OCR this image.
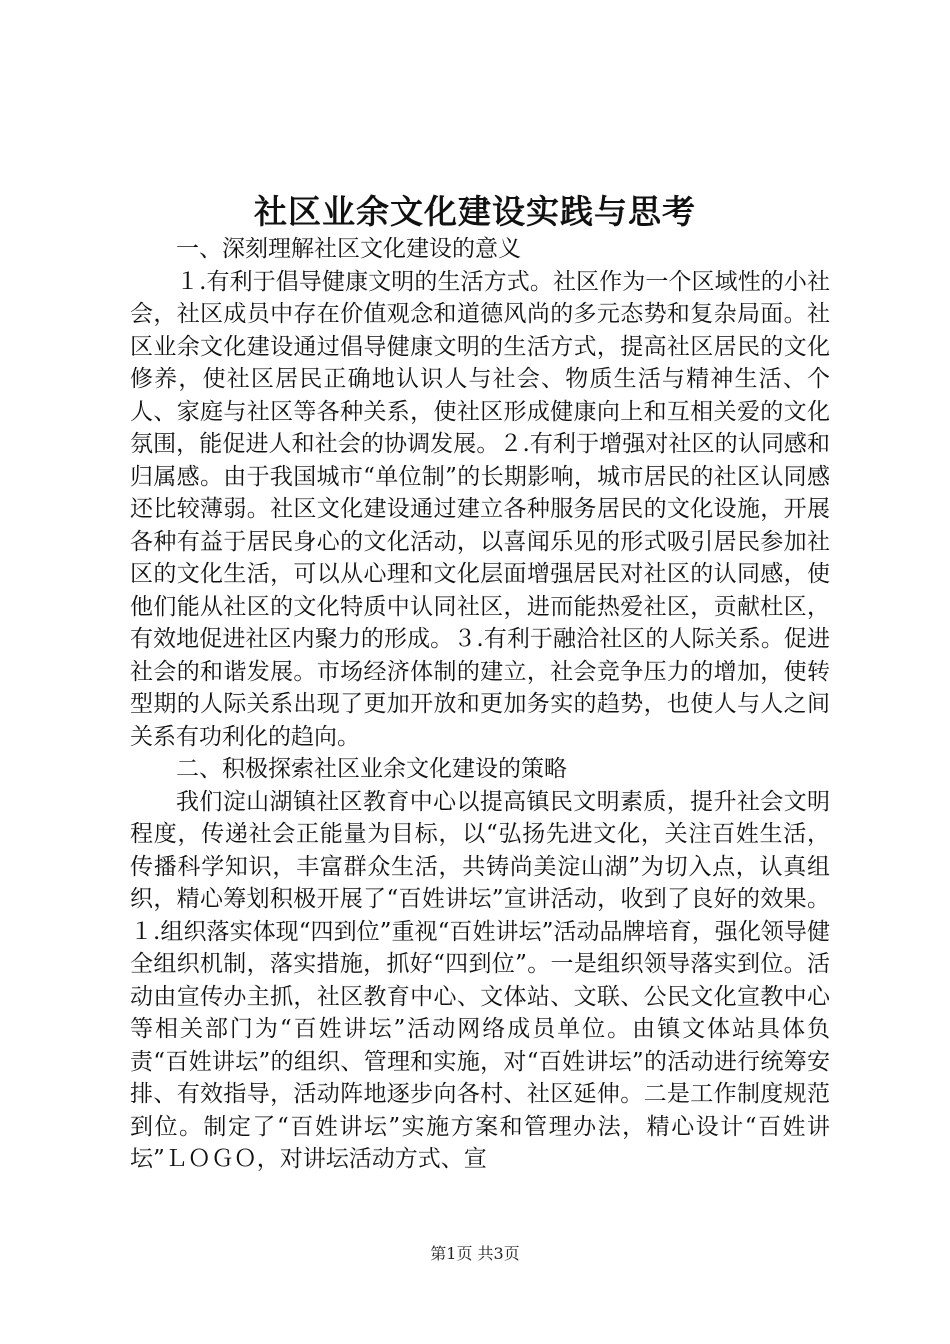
社区业余文化建设实践与思考

一、深刻理解社区文化建设的意义

１.有利于倡导健康文明的生活方式。社区作为一个区域性的小社会，社区成员中存在价值观念和道德风尚的多元态势和复杂局面。社区业余文化建设通过倡导健康文明的生活方式，提高社区居民的文化修养，使社区居民正确地认识人与社会、物质生活与精神生活、个人、家庭与社区等各种关系，使社区形成健康向上和互相关爱的文化氛围，能促进人和社会的协调发展。２.有利于增强对社区的认同感和归属感。由于我国城市“单位制”的长期影响，城市居民的社区认同感还比较薄弱。社区文化建设通过建立各种服务居民的文化设施，开展各种有益于居民身心的文化活动，以喜闻乐见的形式吸引居民参加社区的文化生活，可以从心理和文化层面增强居民对社区的认同感，使他们能从社区的文化特质中认同社区，进而能热爱社区，贡献杜区，有效地促进社区内聚力的形成。３.有利于融洽社区的人际关系。促进社会的和谐发展。市场经济体制的建立，社会竞争压力的增加，使转型期的人际关系出现了更加开放和更加务实的趋势，也使人与人之间关系有功利化的趋向。

二、积极探索社区业余文化建设的策略

我们淀山湖镇社区教育中心以提高镇民文明素质，提升社会文明程度，传递社会正能量为目标，以“弘扬先进文化，关注百姓生活，传播科学知识，丰富群众生活，共铸尚美淀山湖”为切入点，认真组织，精心筹划积极开展了“百姓讲坛”宣讲活动，收到了良好的效果。１.组织落实体现“四到位”重视“百姓讲坛”活动品牌培育，强化领导健全组织机制，落实措施，抓好“四到位”。一是组织领导落实到位。活动由宣传办主抓，社区教育中心、文体站、文联、公民文化宣教中心等相关部门为“百姓讲坛”活动网络成员单位。由镇文体站具体负责“百姓讲坛”的组织、管理和实施，对“百姓讲坛”的活动进行统筹安排、有效指导，活动阵地逐步向各村、社区延伸。二是工作制度规范到位。制定了“百姓讲坛”实施方案和管理办法，精心设计“百姓讲坛”ＬＯＧＯ，对讲坛活动方式、宣

第1页 共3页
